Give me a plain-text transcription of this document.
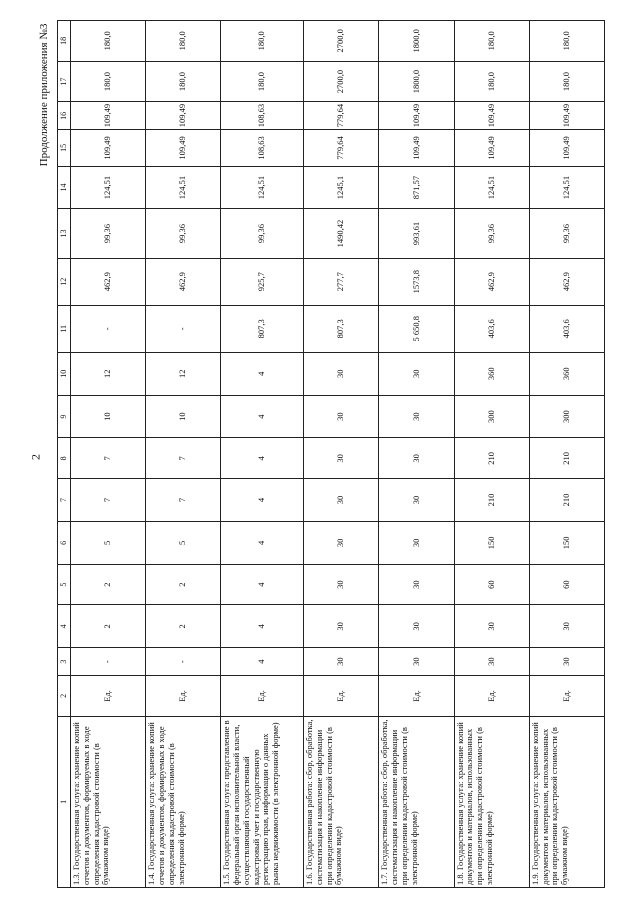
2
Продолжение приложения №3
1	2	3	4	5	6	7	8	9	10	11	12	13	14	15	16	17	18
1.3. Государственная услуга: хранение копий отчетов и документов, формируемых в ходе определения кадастровой стоимости (в бумажном виде)	Ед.	-	2	2	5	7	7	10	12	-	462,9	99,36	124,51	109,49	109,49	180,0	180,0
1.4. Государственная услуга: хранение копий отчетов и документов, формируемых в ходе определения кадастровой стоимости (в электронной форме)	Ед.	-	2	2	5	7	7	10	12	-	462,9	99,36	124,51	109,49	109,49	180,0	180,0
1.5. Государственная услуга: представление в федеральный орган исполнительной власти, осуществляющий государственный кадастровый учет и государственную регистрацию прав, информации о данных рынка недвижимости (в электронной форме)	Ед.	4	4	4	4	4	4	4	4	807,3	925,7	99,36	124,51	108,63	108,63	180,0	180,0
1.6. Государственная работа: сбор, обработка, систематизация и накопление информации при определении кадастровой стоимости (в бумажном виде)	Ед.	30	30	30	30	30	30	30	30	807,3	277,7	1490,42	1245,1	779,64	779,64	2700,0	2700,0
1.7. Государственная работа: сбор, обработка, систематизация и накопление информации при определении кадастровой стоимости (в электронной форме)	Ед.	30	30	30	30	30	30	30	30	5 650,8	1573,8	993,61	871,57	109,49	109,49	1800,0	1800,0
1.8. Государственная услуга: хранение копий документов и материалов, использованных при определении кадастровой стоимости (в электронной форме)	Ед.	30	30	60	150	210	210	300	360	403,6	462,9	99,36	124,51	109,49	109,49	180,0	180,0
1.9. Государственная услуга: хранение копий документов и материалов, использованных при определении кадастровой стоимости (в бумажном виде)	Ед.	30	30	60	150	210	210	300	360	403,6	462,9	99,36	124,51	109,49	109,49	180,0	180,0
